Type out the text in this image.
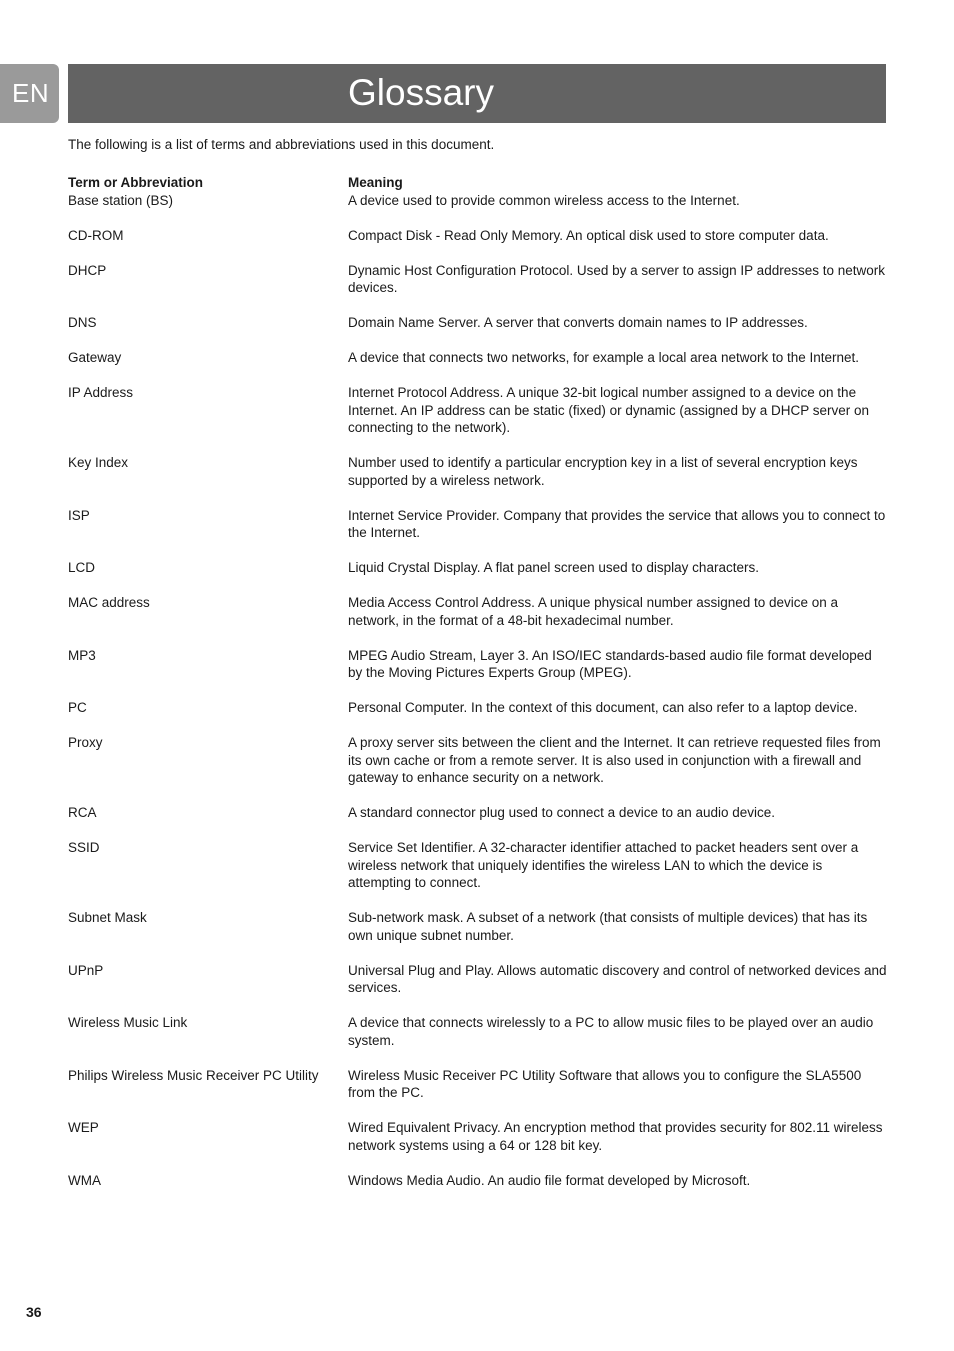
EN	Glossary
The following is a list of terms and abbreviations used in this document.
Term or Abbreviation	Meaning
Base station (BS)	A device used to provide common wireless access to the Internet.
CD-ROM	Compact Disk - Read Only Memory. An optical disk used to store computer data.
DHCP	Dynamic Host Configuration Protocol. Used by a server to assign IP addresses to network devices.
DNS	Domain Name Server. A server that converts domain names to IP addresses.
Gateway	A device that connects two networks, for example a local area network to the Internet.
IP Address	Internet Protocol Address. A unique 32-bit logical number assigned to a device on the Internet. An IP address can be static (fixed) or dynamic (assigned by a DHCP server on connecting to the network).
Key Index	Number used to identify a particular encryption key in a list of several encryption keys supported by a wireless network.
ISP	Internet Service Provider. Company that provides the service that allows you to connect to the Internet.
LCD	Liquid Crystal Display. A flat panel screen used to display characters.
MAC address	Media Access Control Address. A unique physical number assigned to device on a network, in the format of a 48-bit hexadecimal number.
MP3	MPEG Audio Stream, Layer 3. An ISO/IEC standards-based audio file format developed by the Moving Pictures Experts Group (MPEG).
PC	Personal Computer. In the context of this document, can also refer to a laptop device.
Proxy	A proxy server sits between the client and the Internet. It can retrieve requested files from its own cache or from a remote server. It is also used in conjunction with a firewall and gateway to enhance security on a network.
RCA	A standard connector plug used to connect a device to an audio device.
SSID	Service Set Identifier. A 32-character identifier attached to packet headers sent over a wireless network that uniquely identifies the wireless LAN to which the device is attempting to connect.
Subnet Mask	Sub-network mask. A subset of a network (that consists of multiple devices) that has its own unique subnet number.
UPnP	Universal Plug and Play. Allows automatic discovery and control of networked devices and services.
Wireless Music Link	A device that connects wirelessly to a PC to allow music files to be played over an audio system.
Philips Wireless Music Receiver PC Utility	Wireless Music Receiver PC Utility Software that allows you to configure the SLA5500 from the PC.
WEP	Wired Equivalent Privacy. An encryption method that provides security for 802.11 wireless network systems using a 64 or 128 bit key.
WMA	Windows Media Audio. An audio file format developed by Microsoft.
36
